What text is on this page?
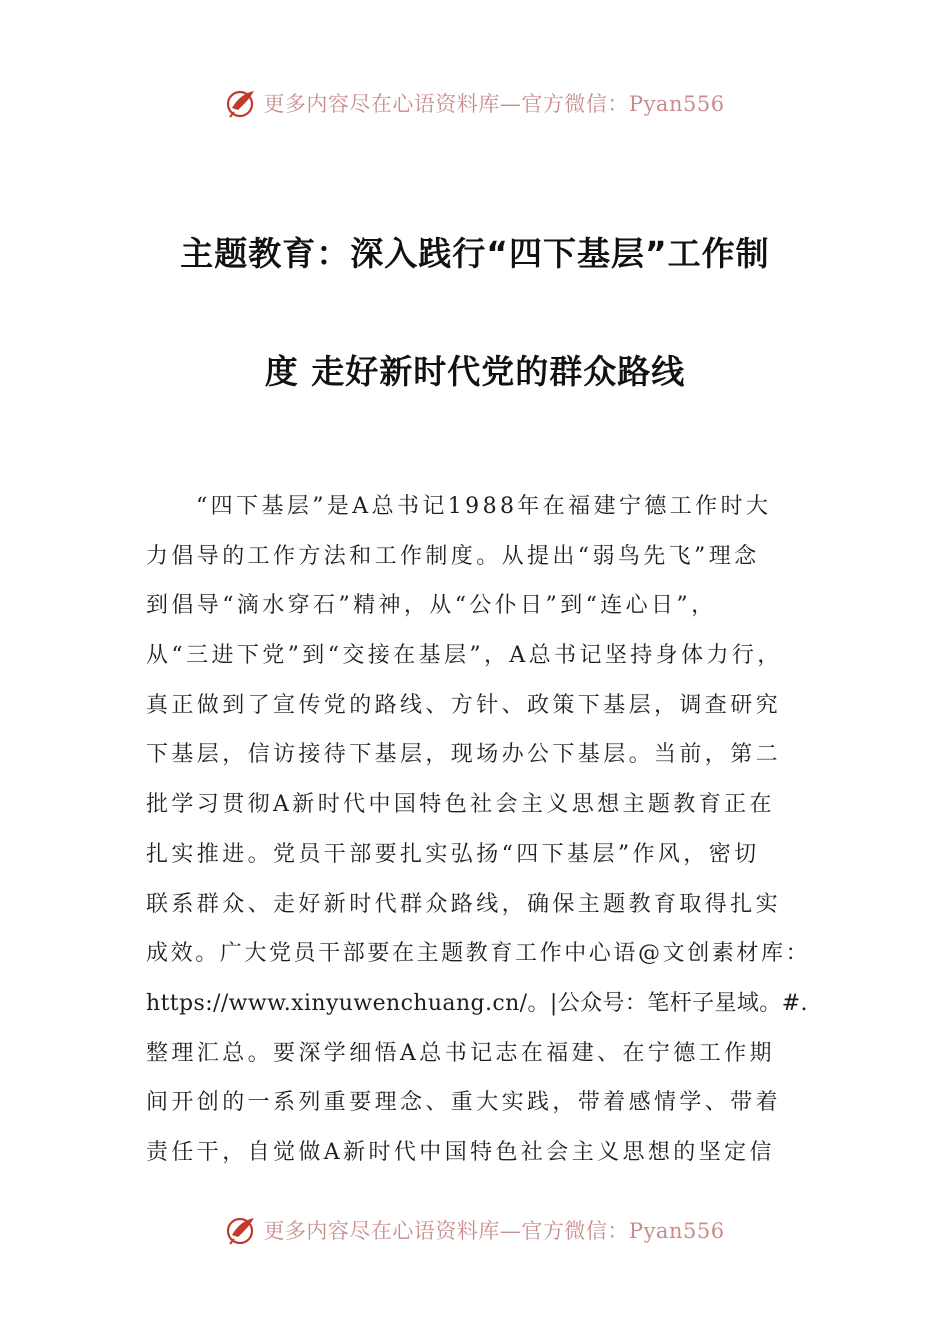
更多内容尽在心语资料库—官方微信：Pyan556
主题教育：深入践行“四下基层”工作制
度 走好新时代党的群众路线
“四下基层”是A总书记1988年在福建宁德工作时大
力倡导的工作方法和工作制度。从提出“弱鸟先飞”理念
到倡导“滴水穿石”精神，从“公仆日”到“连心日”，
从“三进下党”到“交接在基层”，A总书记坚持身体力行，
真正做到了宣传党的路线、方针、政策下基层，调查研究
下基层，信访接待下基层，现场办公下基层。当前，第二
批学习贯彻A新时代中国特色社会主义思想主题教育正在
扎实推进。党员干部要扎实弘扬“四下基层”作风，密切
联系群众、走好新时代群众路线，确保主题教育取得扎实
成效。广大党员干部要在主题教育工作中心语@文创素材库：
https://www.xinyuwenchuang.cn/。|公众号：笔杆子星域。#.
整理汇总。要深学细悟A总书记志在福建、在宁德工作期
间开创的一系列重要理念、重大实践，带着感情学、带着
责任干，自觉做A新时代中国特色社会主义思想的坚定信
更多内容尽在心语资料库—官方微信：Pyan556
